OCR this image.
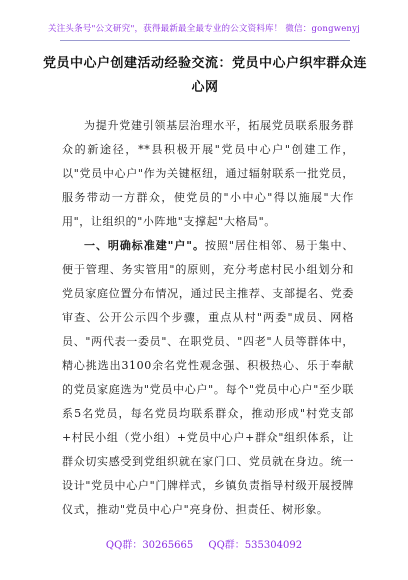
关注头条号"公文研究"，获得最新最全最专业的公文资料库！ 微信：gongwenyj
党员中心户创建活动经验交流：党员中心户织牢群众连心网

为提升党建引领基层治理水平，拓展党员联系服务群众的新途径，**县积极开展"党员中心户"创建工作，以"党员中心户"作为关键枢纽，通过辐射联系一批党员，服务带动一方群众，使党员的"小中心"得以施展"大作用"，让组织的"小阵地"支撑起"大格局"。

一、明确标准建"户"。按照"居住相邻、易于集中、便于管理、务实管用"的原则，充分考虑村民小组划分和党员家庭位置分布情况，通过民主推荐、支部提名、党委审查、公开公示四个步骤，重点从村"两委"成员、网格员、"两代表一委员"、在职党员、"四老"人员等群体中，精心挑选出3100余名党性观念强、积极热心、乐于奉献的党员家庭选为"党员中心户"。每个"党员中心户"至少联系5名党员，每名党员均联系群众，推动形成"村党支部+村民小组（党小组）+党员中心户+群众"组织体系，让群众切实感受到党组织就在家门口、党员就在身边。统一设计"党员中心户"门牌样式，乡镇负责指导村级开展授牌仪式，推动"党员中心户"亮身份、担责任、树形象。

QQ群：30265665 QQ群：535304092
